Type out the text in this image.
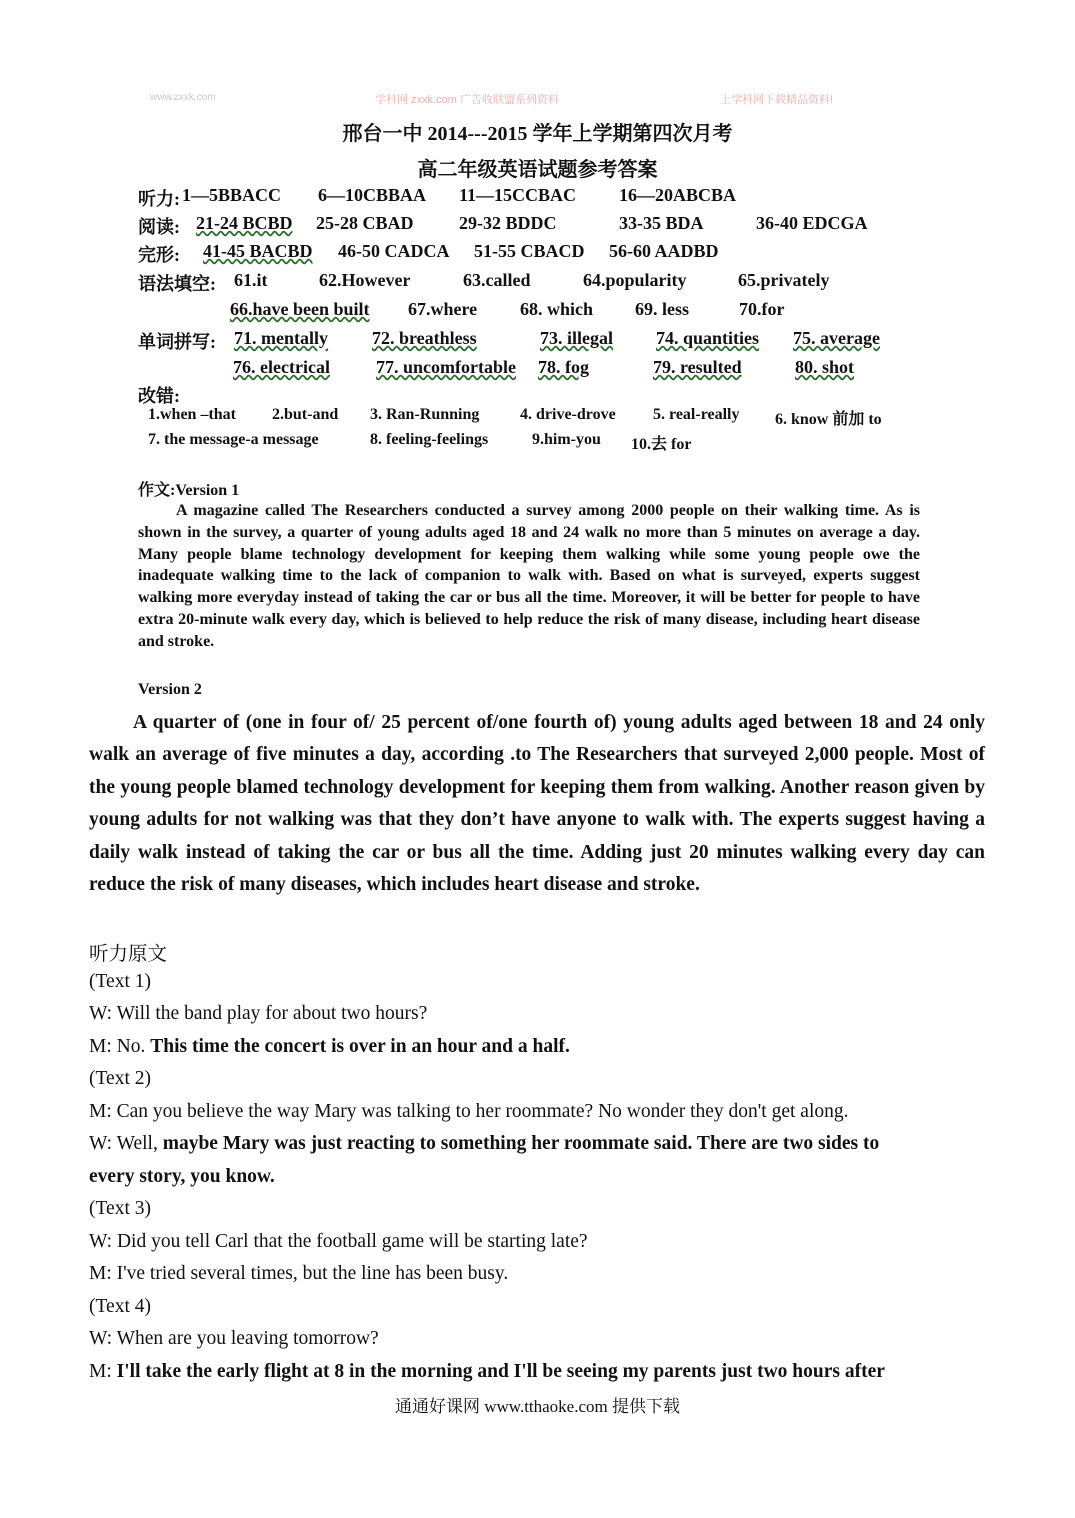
www.zxxk.com	学科网 zxxk.com 广告收联盟系列资料	上学科网下载精品资料!
邢台一中 2014---2015 学年上学期第四次月考
高二年级英语试题参考答案
听力: 1—5BBACC 6—10CBBAA 11—15CCBAC 16—20ABCBA
阅读: 21-24 BCBD 25-28 CBAD	29-32 BDDC	33-35 BDA	36-40 EDCGA
完形: 41-45 BACBD 46-50 CADCA 51-55 CBACD 56-60 AADBD
语法填空: 61.it	62.However	63.called	64.popularity	65.privately
66.have been built 67.where 68. which 69. less	70.for
单词拼写: 71. mentally 72. breathless	73. illegal 74. quantities 75. average
76. electrical	77. uncomfortable 78. fog	79. resulted	80. shot
改错:
1.when –that 2.but-and 3. Ran-Running	4. drive-drove 5. real-really 6. know 前加 to
7. the message-a message	8. feeling-feelings	9.him-you 10.去 for
作文:Version 1
A magazine called The Researchers conducted a survey among 2000 people on their walking time. As is shown in the survey, a quarter of young adults aged 18 and 24 walk no more than 5 minutes on average a day. Many people blame technology development for keeping them walking while some young people owe the inadequate walking time to the lack of companion to walk with. Based on what is surveyed, experts suggest walking more everyday instead of taking the car or bus all the time. Moreover, it will be better for people to have extra 20-minute walk every day, which is believed to help reduce the risk of many disease, including heart disease and stroke.
Version 2
A quarter of (one in four of/ 25 percent of/one fourth of) young adults aged between 18 and 24 only walk an average of five minutes a day, according .to The Researchers that surveyed 2,000 people. Most of the young people blamed technology development for keeping them from walking. Another reason given by young adults for not walking was that they don’t have anyone to walk with. The experts suggest having a daily walk instead of taking the car or bus all the time. Adding just 20 minutes walking every day can reduce the risk of many diseases, which includes heart disease and stroke.
听力原文
(Text 1)
W: Will the band play for about two hours?
M: No. This time the concert is over in an hour and a half.
(Text 2)
M: Can you believe the way Mary was talking to her roommate? No wonder they don't get along.
W: Well, maybe Mary was just reacting to something her roommate said. There are two sides to
every story, you know.
(Text 3)
W: Did you tell Carl that the football game will be starting late?
M: I've tried several times, but the line has been busy.
(Text 4)
W: When are you leaving tomorrow?
M: I'll take the early flight at 8 in the morning and I'll be seeing my parents just two hours after
通通好课网 www.tthaoke.com 提供下载
